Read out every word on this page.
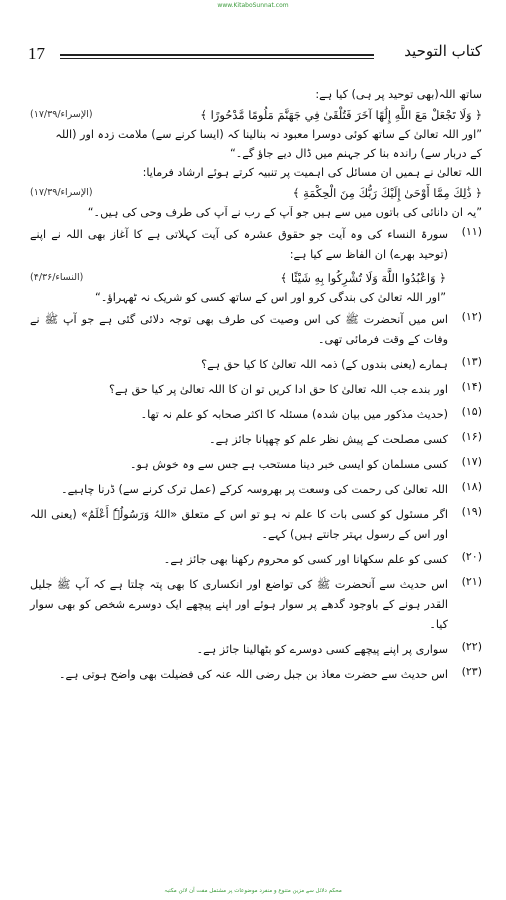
www.KitaboSunnat.com
17	کتاب التوحید
ساتھ اللہ(بھی توحید پر ہی) کیا ہے:
﴿ وَلَا تَجْعَلْ مَعَ اللَّهِ إِلَٰهًا آخَرَ فَتُلْقَىٰ فِي جَهَنَّمَ مَلُومًا مَّدْحُورًا ﴾
(الإسراء/۱۷/۳۹)
”اور اللہ تعالیٰ کے ساتھ کوئی دوسرا معبود نہ بنالینا کہ (ایسا کرنے سے) ملامت زدہ اور (اللہ
کے دربار سے) راندہ بنا کر جہنم میں ڈال دیے جاؤ گے۔“
اللہ تعالیٰ نے ہمیں ان مسائل کی اہمیت پر تنبیہ کرتے ہوئے ارشاد فرمایا:
﴿ ذَٰلِكَ مِمَّا أَوْحَىٰ إِلَيْكَ رَبُّكَ مِنَ الْحِكْمَةِ ﴾
(الإسراء/۱۷/۳۹)
”یہ ان دانائی کی باتوں میں سے ہیں جو آپ کے رب نے آپ کی طرف وحی کی ہیں۔“
(۱۱)
سورۃ النساء کی وہ آیت جو حقوق عشرہ کی آیت کہلاتی ہے کا آغاز بھی اللہ نے اپنے (توحید بھرے) ان الفاظ سے کیا ہے:
﴿ وَاعْبُدُوا اللَّهَ وَلَا تُشْرِكُوا بِهِ شَيْئًا ﴾
(النساء/۴/۳۶)
”اور اللہ تعالیٰ کی بندگی کرو اور اس کے ساتھ کسی کو شریک نہ ٹھہراؤ۔“
(۱۲)
اس میں آنحضرت ﷺ کی اس وصیت کی طرف بھی توجہ دلائی گئی ہے جو آپ ﷺ نے وفات کے وقت فرمائی تھی۔
(۱۳)
ہمارے (یعنی بندوں کے) ذمہ اللہ تعالیٰ کا کیا حق ہے؟
(۱۴)
اور بندے جب اللہ تعالیٰ کا حق ادا کریں تو ان کا اللہ تعالیٰ پر کیا حق ہے؟
(۱۵)
(حدیث مذکور میں بیان شدہ) مسئلہ کا اکثر صحابہ کو علم نہ تھا۔
(۱۶)
کسی مصلحت کے پیش نظر علم کو چھپانا جائز ہے۔
(۱۷)
کسی مسلمان کو ایسی خبر دینا مستحب ہے جس سے وہ خوش ہو۔
(۱۸)
اللہ تعالیٰ کی رحمت کی وسعت پر بھروسہ کرکے (عمل ترک کرنے سے) ڈرنا چاہیے۔
(۱۹)
اگر مسئول کو کسی بات کا علم نہ ہو تو اس کے متعلق «اللہُ وَرَسُولُہٗ أَعْلَمُ» (یعنی اللہ اور اس کے رسول بہتر جانتے ہیں) کہے۔
(۲۰)
کسی کو علم سکھانا اور کسی کو محروم رکھنا بھی جائز ہے۔
(۲۱)
اس حدیث سے آنحضرت ﷺ کی تواضع اور انکساری کا بھی پتہ چلتا ہے کہ آپ ﷺ جلیل القدر ہونے کے باوجود گدھے پر سوار ہوئے اور اپنے پیچھے ایک دوسرے شخص کو بھی سوار کیا۔
(۲۲)
سواری پر اپنے پیچھے کسی دوسرے کو بٹھالینا جائز ہے۔
(۲۳)
اس حدیث سے حضرت معاذ بن جبل رضی اللہ عنہ کی فضیلت بھی واضح ہوتی ہے۔
محکم دلائل سے مزین متنوع و منفرد موضوعات پر مشتمل مفت آن لائن مکتبہ
